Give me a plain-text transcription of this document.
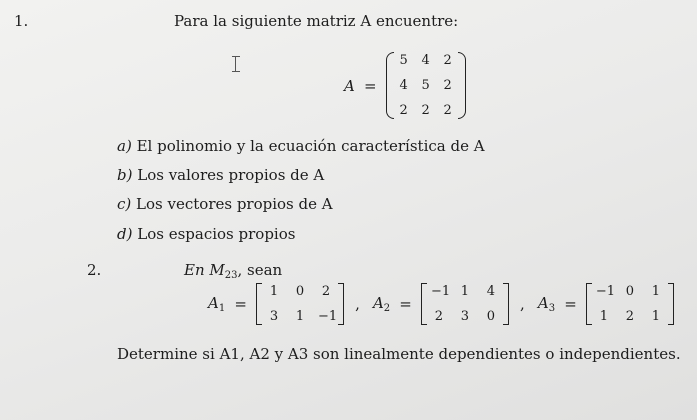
1.	Para la siguiente matriz A encuentre:
A =
5 4 2
4 5 2
2 2 2
a) El polinomio y la ecuación característica de A
b) Los valores propios de A
c) Los vectores propios de A
d) Los espacios propios
2.	En $M_{23}$, sean
$A_1$ =
1 0 2
3 1 −1
, $A_2$ =
−1 1 4
2 3 0
, $A_3$ =
−1 0 1
1 2 1
Determine si A1, A2 y A3 son linealmente dependientes o independientes.
